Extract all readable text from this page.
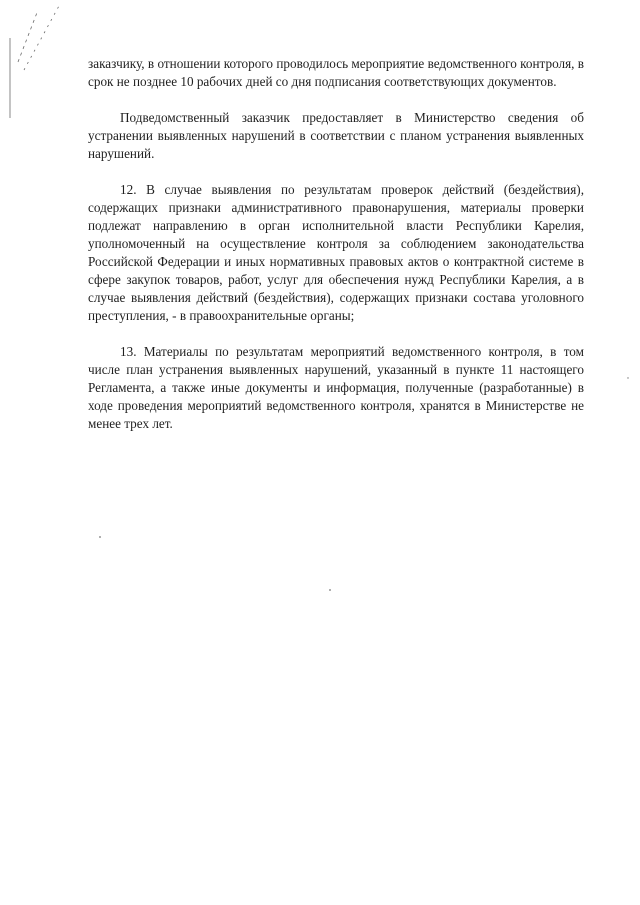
заказчику, в отношении которого проводилось мероприятие ведомственного контроля, в срок не позднее 10 рабочих дней со дня подписания соответствующих документов.

Подведомственный заказчик предоставляет в Министерство сведения об устранении выявленных нарушений в соответствии с планом устранения выявленных нарушений.

12. В случае выявления по результатам проверок действий (бездействия), содержащих признаки административного правонарушения, материалы проверки подлежат направлению в орган исполнительной власти Республики Карелия, уполномоченный на осуществление контроля за соблюдением законодательства Российской Федерации и иных нормативных правовых актов о контрактной системе в сфере закупок товаров, работ, услуг для обеспечения нужд Республики Карелия, а в случае выявления действий (бездействия), содержащих признаки состава уголовного преступления, - в правоохранительные органы;

13. Материалы по результатам мероприятий ведомственного контроля, в том числе план устранения выявленных нарушений, указанный в пункте 11 настоящего Регламента, а также иные документы и информация, полученные (разработанные) в ходе проведения мероприятий ведомственного контроля, хранятся в Министерстве не менее трех лет.
